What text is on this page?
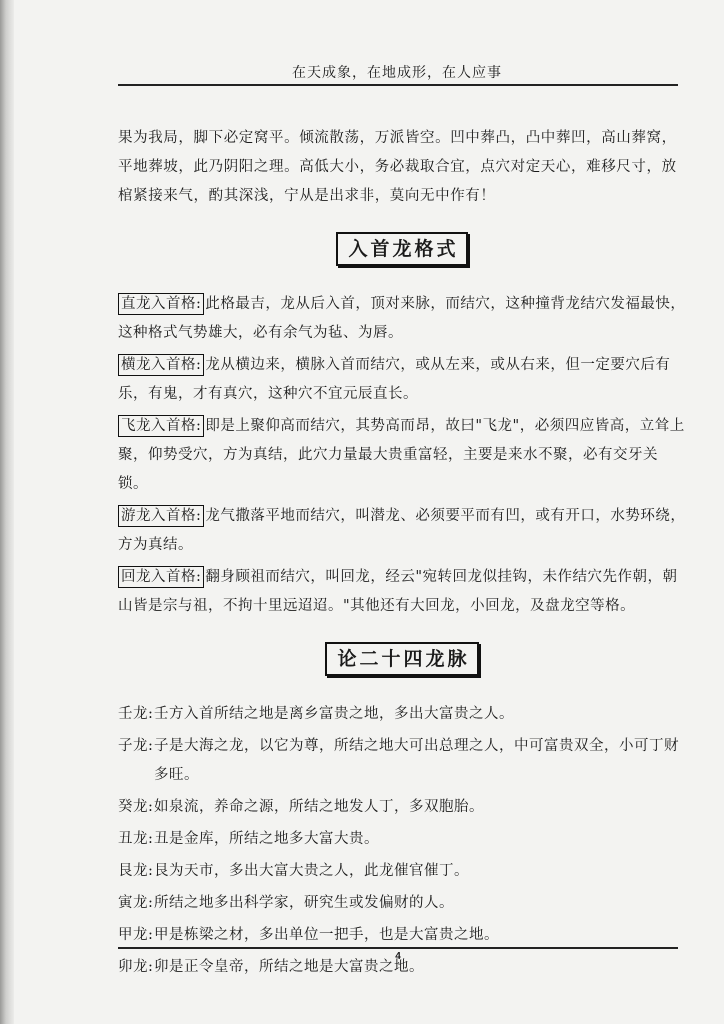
在天成象，在地成形，在人应事

果为我局，脚下必定窝平。倾流散荡，万派皆空。凹中葬凸，凸中葬凹，高山葬窝，平地葬坡，此乃阴阳之理。高低大小，务必裁取合宜，点穴对定天心，难移尺寸，放棺紧接来气，酌其深浅，宁从是出求非，莫向无中作有！

入首龙格式

直龙入首格: 此格最吉，龙从后入首，顶对来脉，而结穴，这种撞背龙结穴发福最快，这种格式气势雄大，必有余气为毡、为唇。

横龙入首格: 龙从横边来，横脉入首而结穴，或从左来，或从右来，但一定要穴后有乐，有鬼，才有真穴，这种穴不宜元辰直长。

飞龙入首格: 即是上聚仰高而结穴，其势高而昂，故曰"飞龙"，必须四应皆高，立耸上聚，仰势受穴，方为真结，此穴力量最大贵重富轻，主要是来水不聚，必有交牙关锁。

游龙入首格: 龙气撒落平地而结穴，叫潜龙、必须要平而有凹，或有开口，水势环绕，方为真结。

回龙入首格: 翻身顾祖而结穴，叫回龙，经云"宛转回龙似挂钩，未作结穴先作朝，朝山皆是宗与祖，不拘十里远迢迢。"其他还有大回龙，小回龙，及盘龙空等格。

论二十四龙脉
壬龙: 壬方入首所结之地是离乡富贵之地，多出大富贵之人。
子龙: 子是大海之龙，以它为尊，所结之地大可出总理之人，中可富贵双全，小可丁财多旺。
癸龙: 如泉流，养命之源，所结之地发人丁，多双胞胎。
丑龙: 丑是金库，所结之地多大富大贵。
艮龙: 艮为天市，多出大富大贵之人，此龙催官催丁。
寅龙: 所结之地多出科学家，研究生或发偏财的人。
甲龙: 甲是栋梁之材，多出单位一把手，也是大富贵之地。
卯龙: 卯是正令皇帝，所结之地是大富贵之地。
4
